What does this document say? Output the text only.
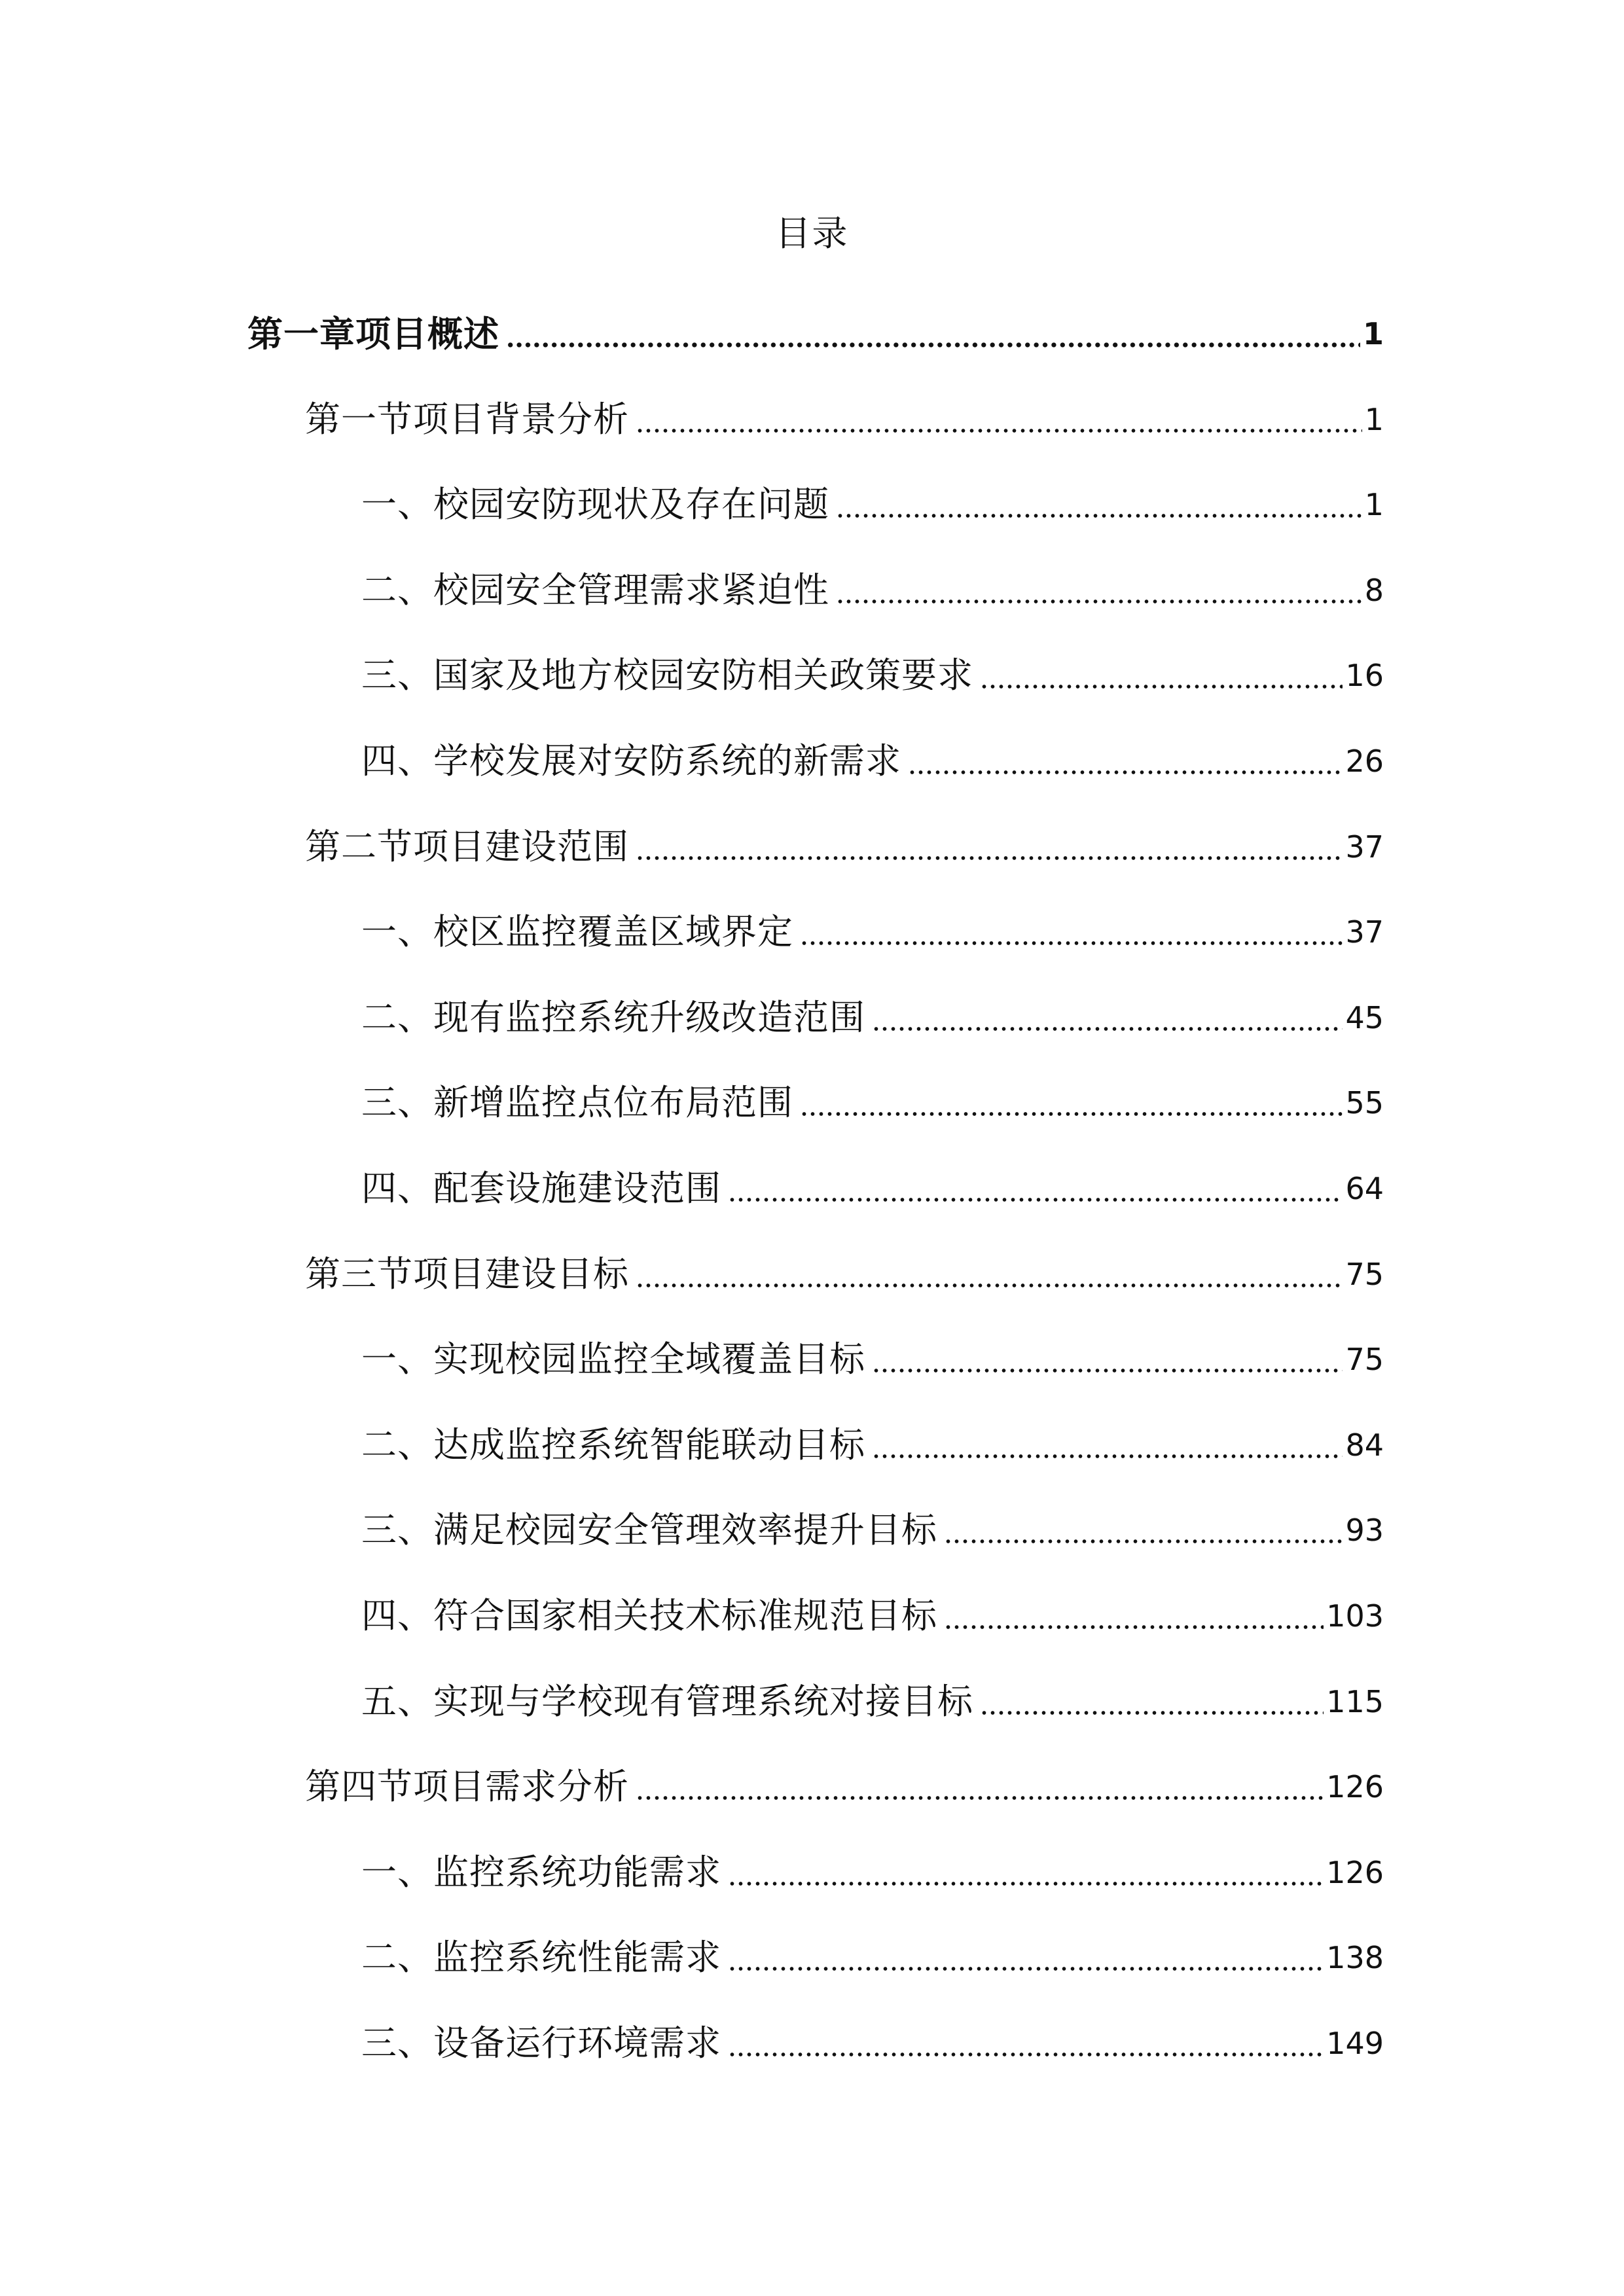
目录
第一章项目概述	1
第一节项目背景分析	1
一、校园安防现状及存在问题	1
二、校园安全管理需求紧迫性	8
三、国家及地方校园安防相关政策要求	16
四、学校发展对安防系统的新需求	26
第二节项目建设范围	37
一、校区监控覆盖区域界定	37
二、现有监控系统升级改造范围	45
三、新增监控点位布局范围	55
四、配套设施建设范围	64
第三节项目建设目标	75
一、实现校园监控全域覆盖目标	75
二、达成监控系统智能联动目标	84
三、满足校园安全管理效率提升目标	93
四、符合国家相关技术标准规范目标	103
五、实现与学校现有管理系统对接目标	115
第四节项目需求分析	126
一、监控系统功能需求	126
二、监控系统性能需求	138
三、设备运行环境需求	149
